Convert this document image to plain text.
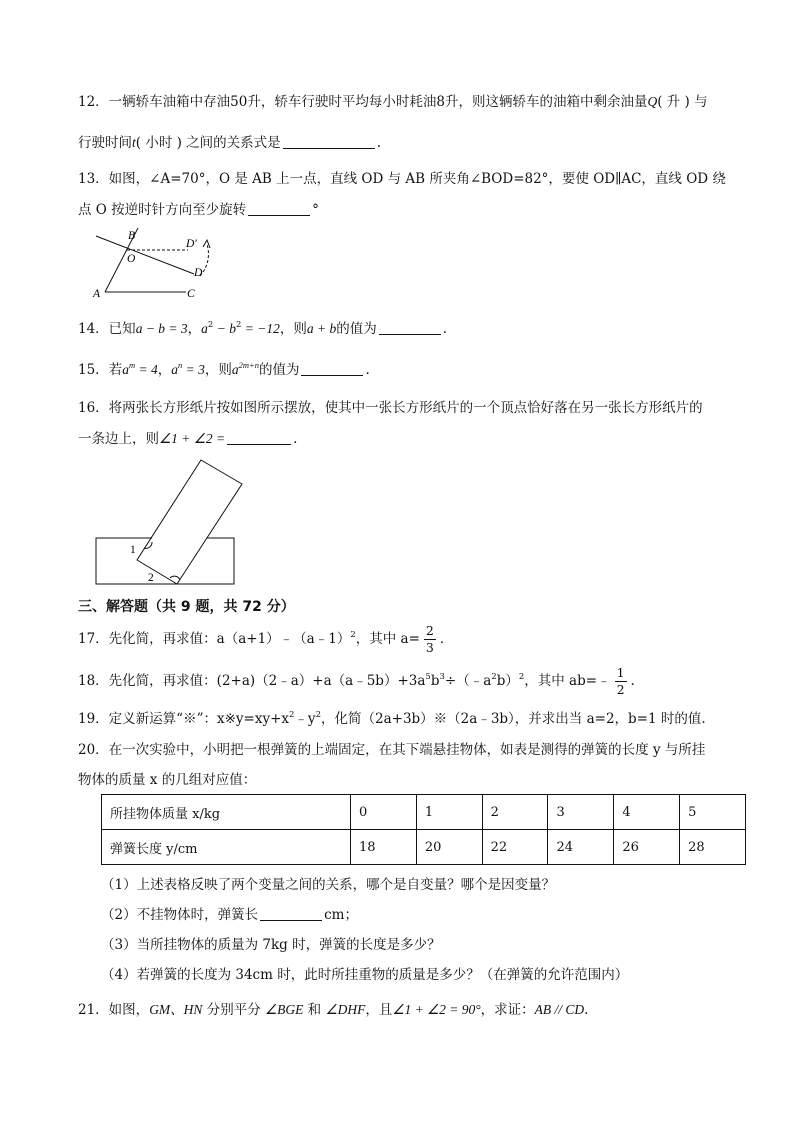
12．一辆轿车油箱中存油50升，轿车行驶时平均每小时耗油8升，则这辆轿车的油箱中剩余油量Q( 升 ) 与
行驶时间t( 小时 ) 之间的关系式是	.
13．如图，∠A=70°，O 是 AB 上一点，直线 OD 与 AB 所夹角∠BOD=82°，要使 OD∥AC，直线 OD 绕
点 O 按逆时针方向至少旋转	°
B
O
D′
D
A	C
14．已知a − b = 3，$a^2 - b^2 = -12$，则a + b的值为	.
15．若$a^m = 4$，$a^n = 3$，则$a^{2m+n}$的值为	.
16．将两张长方形纸片按如图所示摆放，使其中一张长方形纸片的一个顶点恰好落在另一张长方形纸片的
一条边上，则∠1 + ∠2 =	.
1
2
三、解答题（共 9 题，共 72 分）
17．先化简，再求值：a（a+1）﹣（a﹣1）$^2$，其中 $a= \frac{2}{3}$ ．
18．先化简，再求值：$(2+a)(2﹣a)+a(a﹣5b)+3a^5b^3\div(﹣a^2b)^2$，其中 ab=﹣ $\frac{1}{2}$ .
19．定义新运算“※”：$x※y=xy+x^2﹣y^2$，化简（2a+3b）※（2a﹣3b），并求出当 a=2，b=1 时的值.
20．在一次实验中，小明把一根弹簧的上端固定，在其下端悬挂物体，如表是测得的弹簧的长度 y 与所挂
物体的质量 x 的几组对应值：
所挂物体质量 x/kg	0	1	2	3	4	5
弹簧长度 y/cm	18	20	22	24	26	28
（1）上述表格反映了两个变量之间的关系，哪个是自变量？哪个是因变量？
（2）不挂物体时，弹簧长	cm；
（3）当所挂物体的质量为 7kg 时，弹簧的长度是多少？
（4）若弹簧的长度为 34cm 时，此时所挂重物的质量是多少？（在弹簧的允许范围内）
21．如图，GM、HN 分别平分 ∠BGE 和 ∠DHF，且∠1 + ∠2 = 90°，求证：AB // CD.
